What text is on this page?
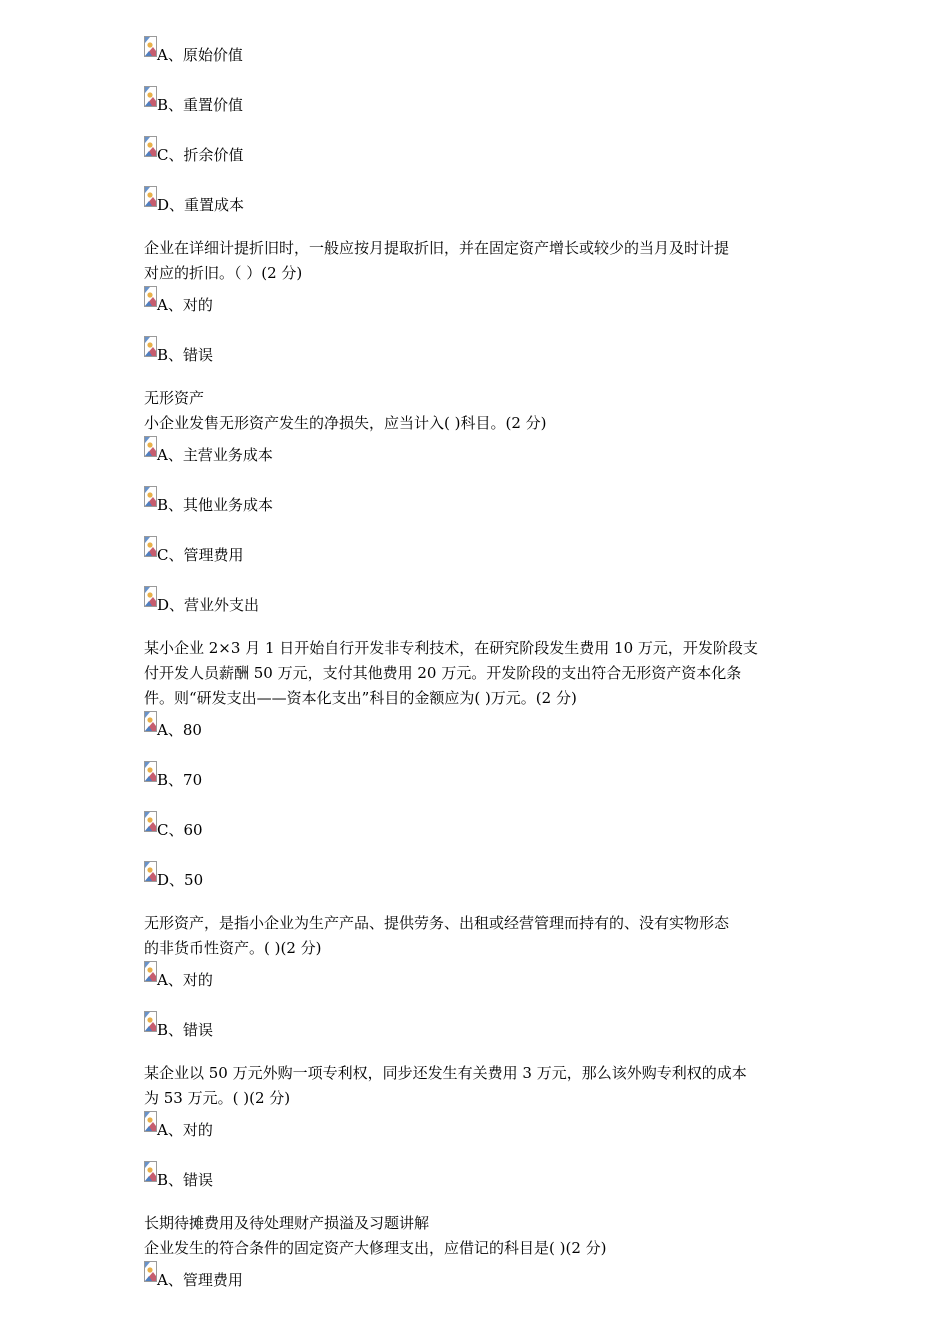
A、原始价值
B、重置价值
C、折余价值
D、重置成本
企业在详细计提折旧时，一般应按月提取折旧，并在固定资产增长或较少的当月及时计提
对应的折旧。（ ）(2 分)
A、对的
B、错误
无形资产
小企业发售无形资产发生的净损失，应当计入( )科目。(2 分)
A、主营业务成本
B、其他业务成本
C、管理费用
D、营业外支出
某小企业 2×3 月 1 日开始自行开发非专利技术，在研究阶段发生费用 10 万元，开发阶段支
付开发人员薪酬 50 万元，支付其他费用 20 万元。开发阶段的支出符合无形资产资本化条
件。则“研发支出——资本化支出”科目的金额应为( )万元。(2 分)
A、80
B、70
C、60
D、50
无形资产，是指小企业为生产产品、提供劳务、出租或经营管理而持有的、没有实物形态
的非货币性资产。( )(2 分)
A、对的
B、错误
某企业以 50 万元外购一项专利权，同步还发生有关费用 3 万元，那么该外购专利权的成本
为 53 万元。( )(2 分)
A、对的
B、错误
长期待摊费用及待处理财产损溢及习题讲解
企业发生的符合条件的固定资产大修理支出，应借记的科目是( )(2 分)
A、管理费用
